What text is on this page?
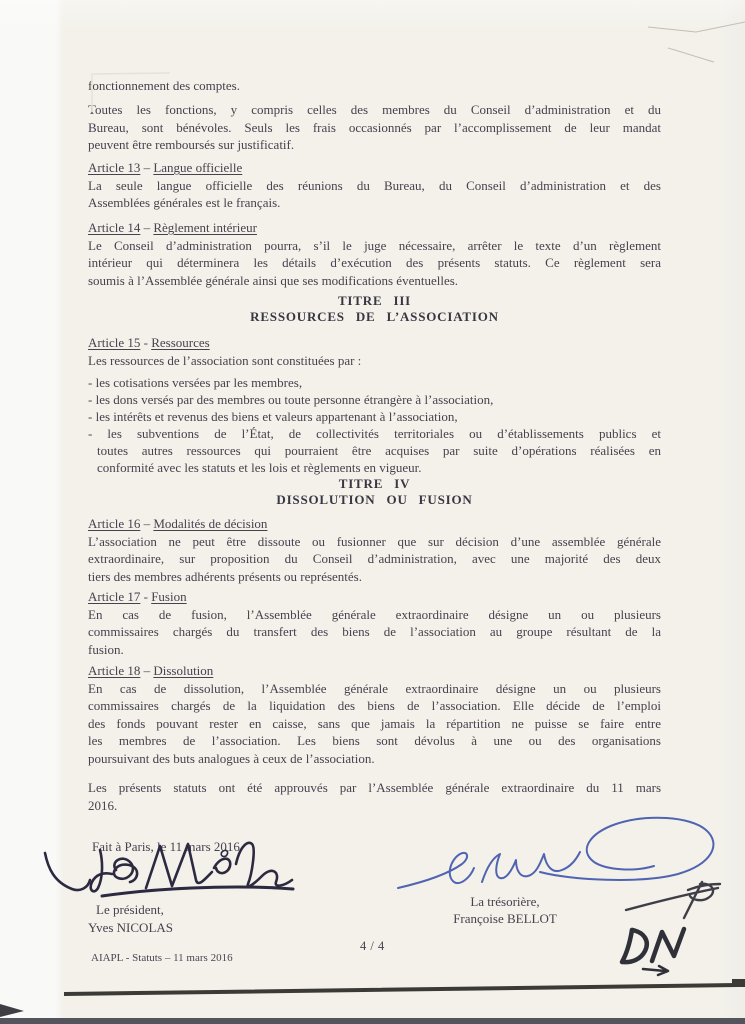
fonctionnement des comptes.
Toutes les fonctions, y compris celles des membres du Conseil d’administration et du
Bureau, sont bénévoles. Seuls les frais occasionnés par l’accomplissement de leur mandat
peuvent être remboursés sur justificatif.
Article 13 – Langue officielle
La seule langue officielle des réunions du Bureau, du Conseil d’administration et des
Assemblées générales est le français.
Article 14 – Règlement intérieur
Le Conseil d’administration pourra, s’il le juge nécessaire, arrêter le texte d’un règlement
intérieur qui déterminera les détails d’exécution des présents statuts. Ce règlement sera
soumis à l’Assemblée générale ainsi que ses modifications éventuelles.
TITRE III
RESSOURCES DE L’ASSOCIATION
Article 15 - Ressources
Les ressources de l’association sont constituées par :
- les cotisations versées par les membres,
- les dons versés par des membres ou toute personne étrangère à l’association,
- les intérêts et revenus des biens et valeurs appartenant à l’association,
- les subventions de l’État, de collectivités territoriales ou d’établissements publics et
toutes autres ressources qui pourraient être acquises par suite d’opérations réalisées en
conformité avec les statuts et les lois et règlements en vigueur.
TITRE IV
DISSOLUTION OU FUSION
Article 16 – Modalités de décision
L’association ne peut être dissoute ou fusionner que sur décision d’une assemblée générale
extraordinaire, sur proposition du Conseil d’administration, avec une majorité des deux
tiers des membres adhérents présents ou représentés.
Article 17 - Fusion
En cas de fusion, l’Assemblée générale extraordinaire désigne un ou plusieurs
commissaires chargés du transfert des biens de l’association au groupe résultant de la
fusion.
Article 18 – Dissolution
En cas de dissolution, l’Assemblée générale extraordinaire désigne un ou plusieurs
commissaires chargés de la liquidation des biens de l’association. Elle décide de l’emploi
des fonds pouvant rester en caisse, sans que jamais la répartition ne puisse se faire entre
les membres de l’association. Les biens sont dévolus à une ou des organisations
poursuivant des buts analogues à ceux de l’association.
Les présents statuts ont été approuvés par l’Assemblée générale extraordinaire du 11 mars
2016.
Fait à Paris, le 11 mars 2016
Le président,
Yves NICOLAS
La trésorière,
Françoise BELLOT
4 / 4
AIAPL - Statuts – 11 mars 2016
